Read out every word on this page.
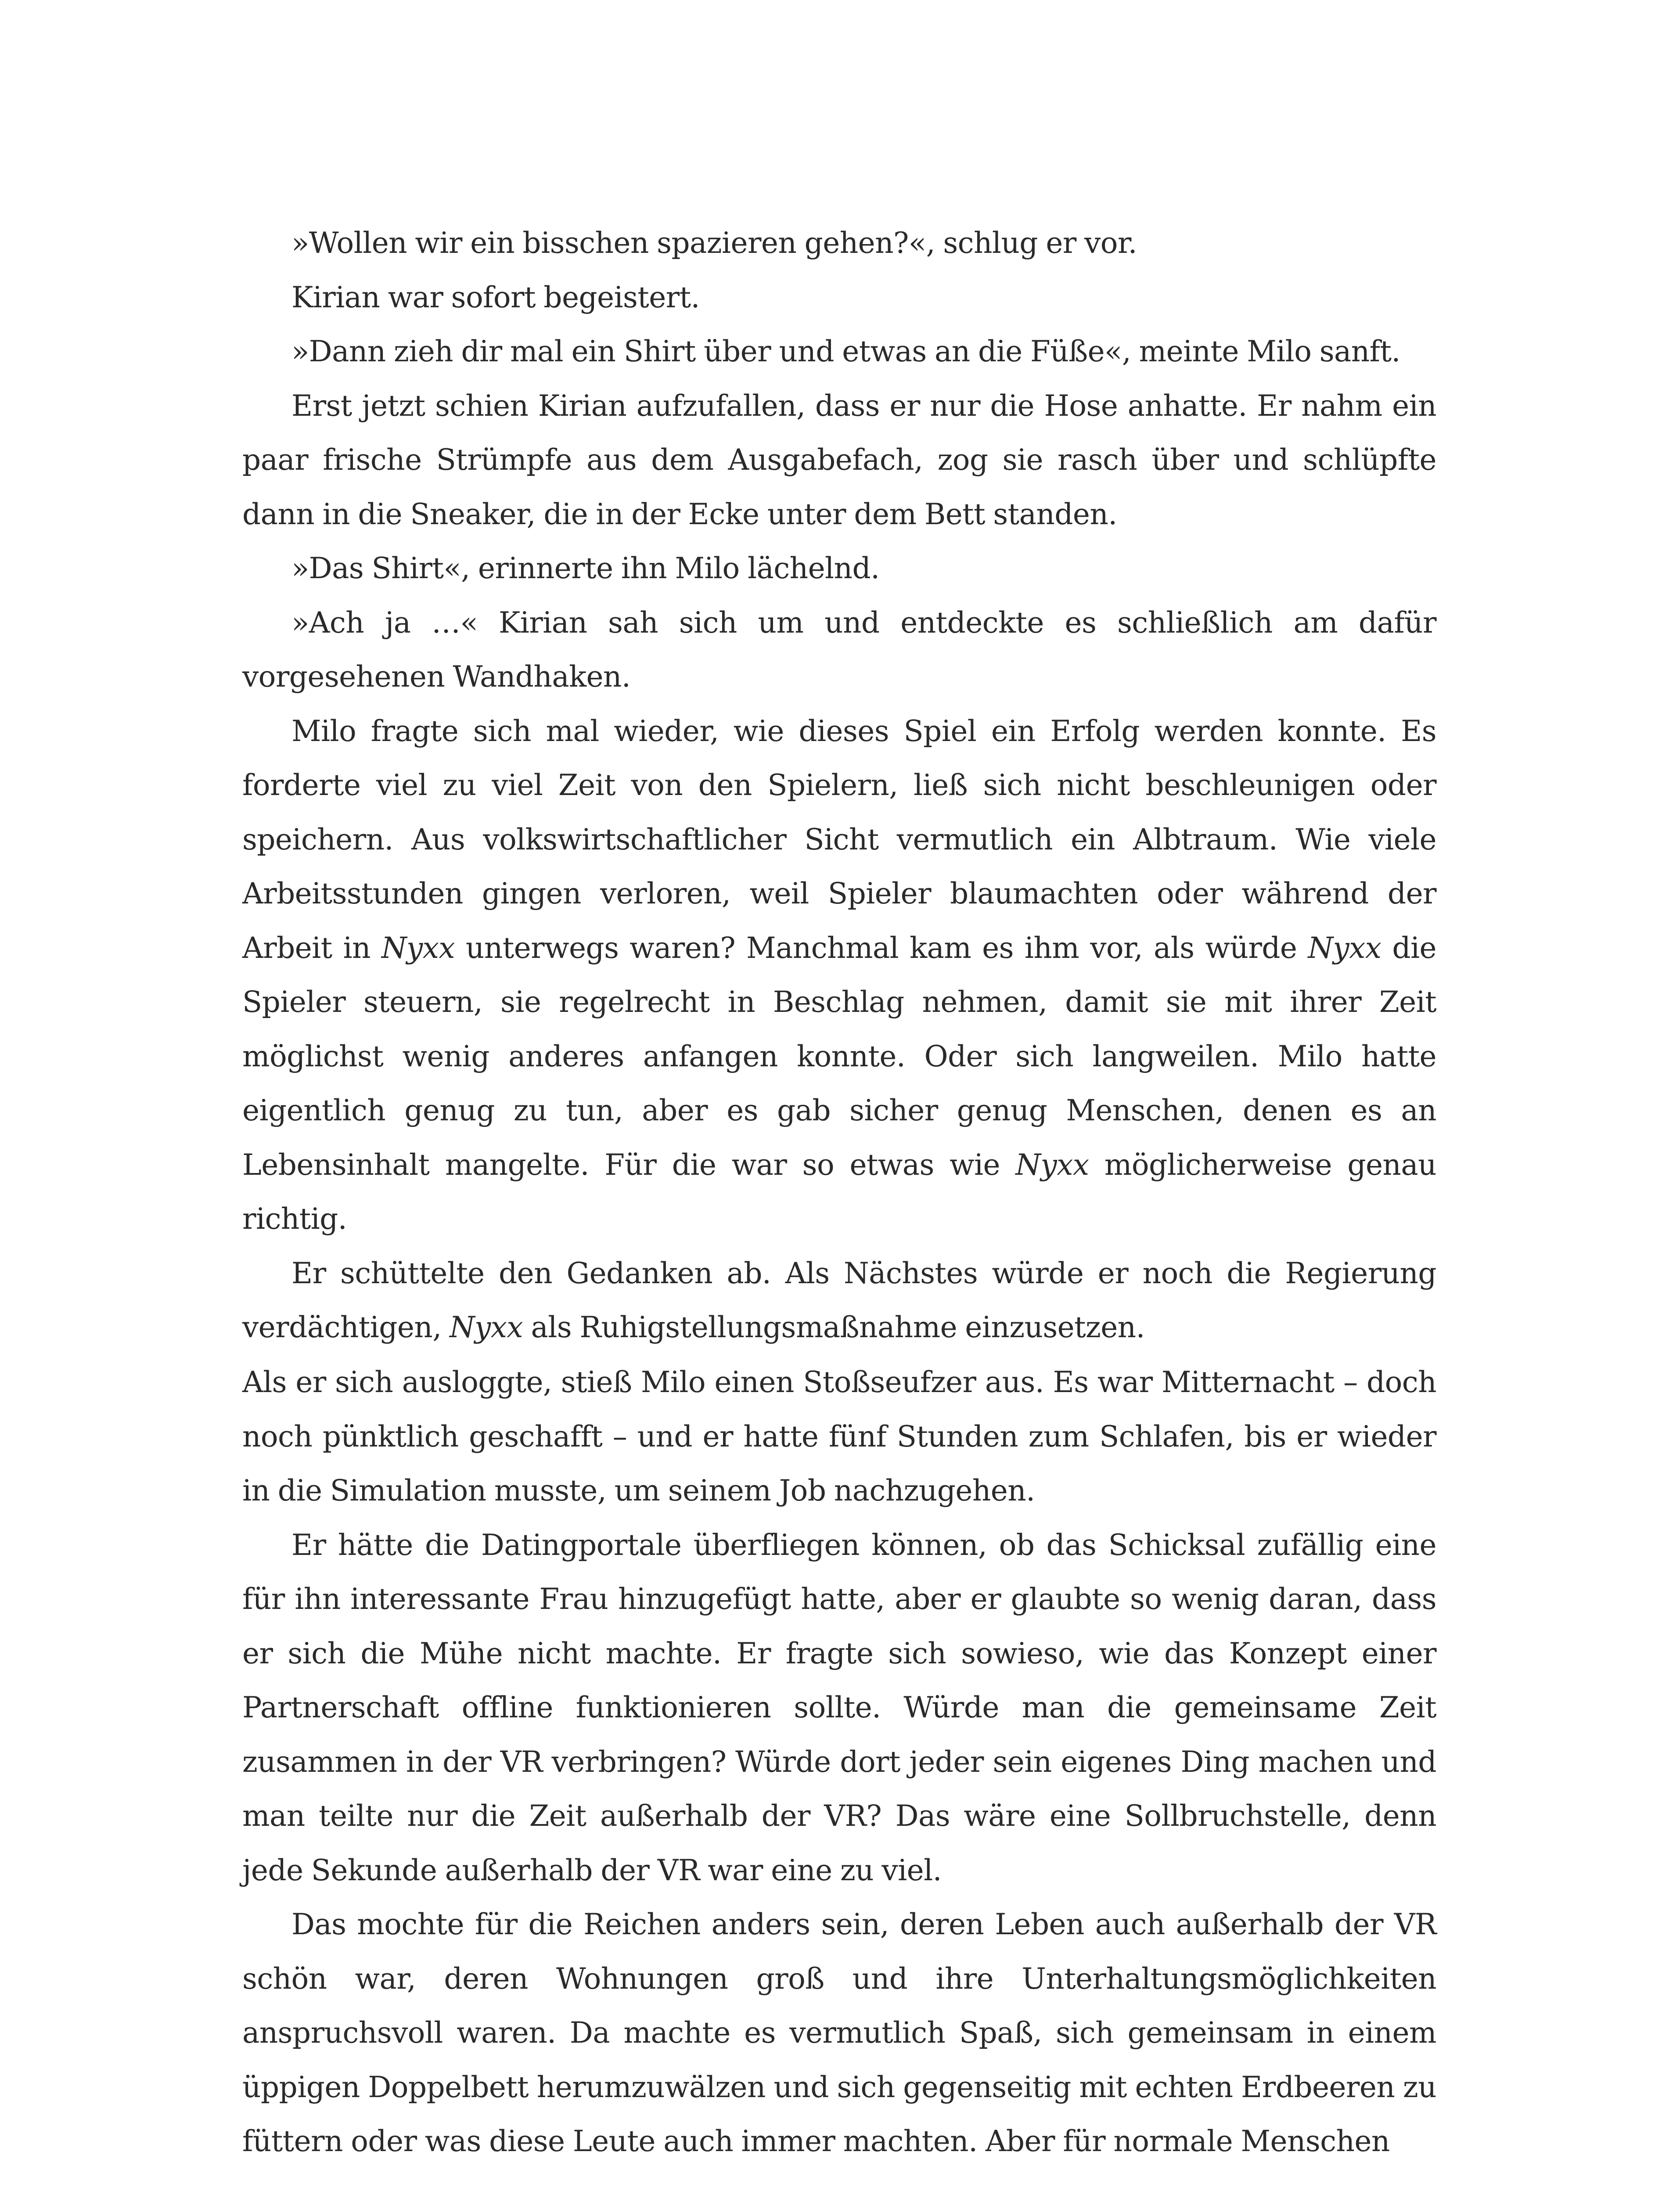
»Wollen wir ein bisschen spazieren gehen?«, schlug er vor.

Kirian war sofort begeistert.

»Dann zieh dir mal ein Shirt über und etwas an die Füße«, meinte Milo sanft.

Erst jetzt schien Kirian aufzufallen, dass er nur die Hose anhatte. Er nahm ein paar frische Strümpfe aus dem Ausgabefach, zog sie rasch über und schlüpfte dann in die Sneaker, die in der Ecke unter dem Bett standen.

»Das Shirt«, erinnerte ihn Milo lächelnd.

»Ach ja …« Kirian sah sich um und entdeckte es schließlich am dafür vorgesehenen Wandhaken.

Milo fragte sich mal wieder, wie dieses Spiel ein Erfolg werden konnte. Es forderte viel zu viel Zeit von den Spielern, ließ sich nicht beschleunigen oder speichern. Aus volkswirtschaftlicher Sicht vermutlich ein Albtraum. Wie viele Arbeitsstunden gingen verloren, weil Spieler blaumachten oder während der Arbeit in Nyxx unterwegs waren? Manchmal kam es ihm vor, als würde Nyxx die Spieler steuern, sie regelrecht in Beschlag nehmen, damit sie mit ihrer Zeit möglichst wenig anderes anfangen konnte. Oder sich langweilen. Milo hatte eigentlich genug zu tun, aber es gab sicher genug Menschen, denen es an Lebensinhalt mangelte. Für die war so etwas wie Nyxx möglicherweise genau richtig.

Er schüttelte den Gedanken ab. Als Nächstes würde er noch die Regierung verdächtigen, Nyxx als Ruhigstellungsmaßnahme einzusetzen.

Als er sich ausloggte, stieß Milo einen Stoßseufzer aus. Es war Mitternacht – doch noch pünktlich geschafft – und er hatte fünf Stunden zum Schlafen, bis er wieder in die Simulation musste, um seinem Job nachzugehen.

Er hätte die Datingportale überfliegen können, ob das Schicksal zufällig eine für ihn interessante Frau hinzugefügt hatte, aber er glaubte so wenig daran, dass er sich die Mühe nicht machte. Er fragte sich sowieso, wie das Konzept einer Partnerschaft offline funktionieren sollte. Würde man die gemeinsame Zeit zusammen in der VR verbringen? Würde dort jeder sein eigenes Ding machen und man teilte nur die Zeit außerhalb der VR? Das wäre eine Sollbruchstelle, denn jede Sekunde außerhalb der VR war eine zu viel.

Das mochte für die Reichen anders sein, deren Leben auch außerhalb der VR schön war, deren Wohnungen groß und ihre Unterhaltungsmöglichkeiten anspruchsvoll waren. Da machte es vermutlich Spaß, sich gemeinsam in einem üppigen Doppelbett herumzuwälzen und sich gegenseitig mit echten Erdbeeren zu füttern oder was diese Leute auch immer machten. Aber für normale Menschen
